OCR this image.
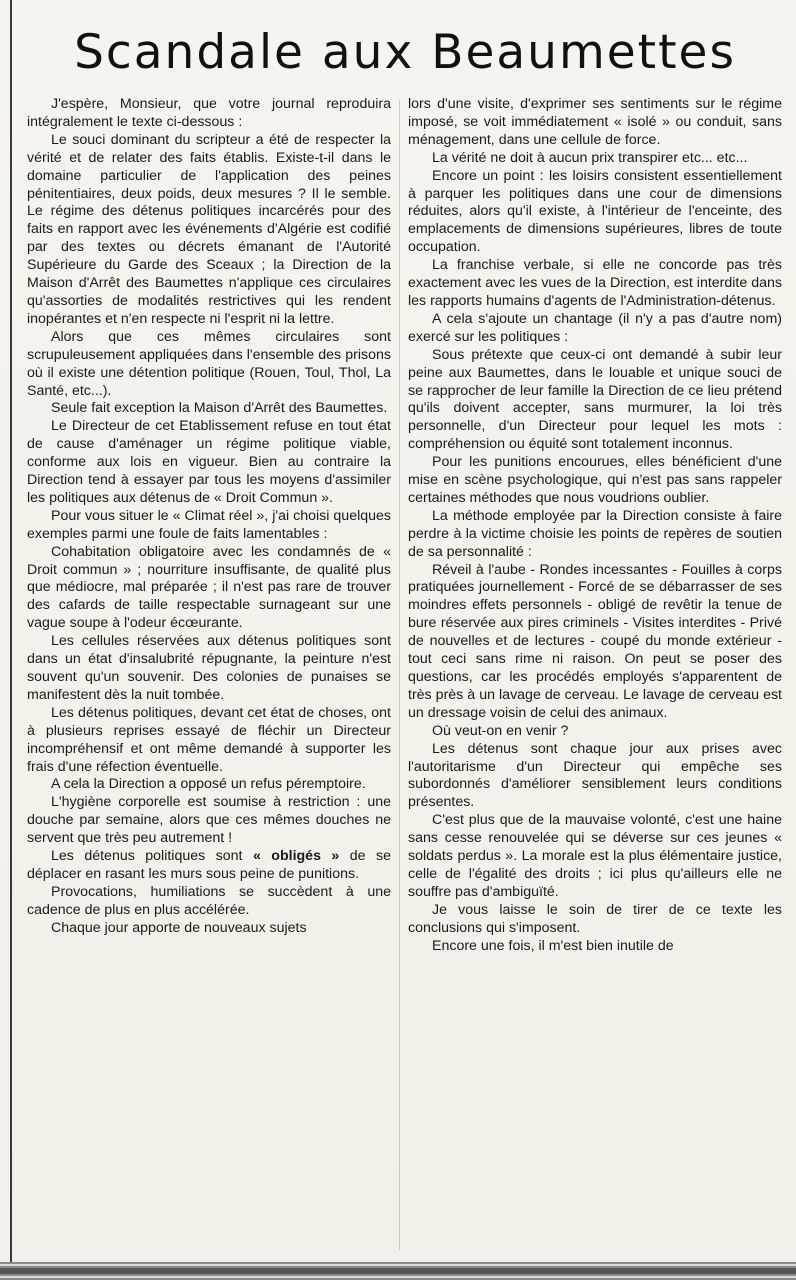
Scandale aux Beaumettes

J'espère, Monsieur, que votre journal reproduira intégralement le texte ci-dessous :

Le souci dominant du scripteur a été de respecter la vérité et de relater des faits établis. Existe-t-il dans le domaine particulier de l'application des peines pénitentiaires, deux poids, deux mesures ? Il le semble. Le régime des détenus politiques incarcérés pour des faits en rapport avec les événements d'Algérie est codifié par des textes ou décrets émanant de l'Autorité Supérieure du Garde des Sceaux ; la Direction de la Maison d'Arrêt des Baumettes n'applique ces circulaires qu'assorties de modalités restrictives qui les rendent inopérantes et n'en respecte ni l'esprit ni la lettre.

Alors que ces mêmes circulaires sont scrupuleusement appliquées dans l'ensemble des prisons où il existe une détention politique (Rouen, Toul, Thol, La Santé, etc...).

Seule fait exception la Maison d'Arrêt des Baumettes.

Le Directeur de cet Etablissement refuse en tout état de cause d'aménager un régime politique viable, conforme aux lois en vigueur. Bien au contraire la Direction tend à essayer par tous les moyens d'assimiler les politiques aux détenus de « Droit Commun ».

Pour vous situer le « Climat réel », j'ai choisi quelques exemples parmi une foule de faits lamentables :

Cohabitation obligatoire avec les condamnés de « Droit commun » ; nourriture insuffisante, de qualité plus que médiocre, mal préparée ; il n'est pas rare de trouver des cafards de taille respectable surnageant sur une vague soupe à l'odeur écœurante.

Les cellules réservées aux détenus politiques sont dans un état d'insalubrité répugnante, la peinture n'est souvent qu'un souvenir. Des colonies de punaises se manifestent dès la nuit tombée.

Les détenus politiques, devant cet état de choses, ont à plusieurs reprises essayé de fléchir un Directeur incompréhensif et ont même demandé à supporter les frais d'une réfection éventuelle.

A cela la Direction a opposé un refus péremptoire.

L'hygiène corporelle est soumise à restriction : une douche par semaine, alors que ces mêmes douches ne servent que très peu autrement !

Les détenus politiques sont « obligés » de se déplacer en rasant les murs sous peine de punitions.

Provocations, humiliations se succèdent à une cadence de plus en plus accélérée.

Chaque jour apporte de nouveaux sujets

lors d'une visite, d'exprimer ses sentiments sur le régime imposé, se voit immédiatement « isolé » ou conduit, sans ménagement, dans une cellule de force.

La vérité ne doit à aucun prix transpirer etc... etc...

Encore un point : les loisirs consistent essentiellement à parquer les politiques dans une cour de dimensions réduites, alors qu'il existe, à l'intérieur de l'enceinte, des emplacements de dimensions supérieures, libres de toute occupation.

La franchise verbale, si elle ne concorde pas très exactement avec les vues de la Direction, est interdite dans les rapports humains d'agents de l'Administration-détenus.

A cela s'ajoute un chantage (il n'y a pas d'autre nom) exercé sur les politiques :

Sous prétexte que ceux-ci ont demandé à subir leur peine aux Baumettes, dans le louable et unique souci de se rapprocher de leur famille la Direction de ce lieu prétend qu'ils doivent accepter, sans murmurer, la loi très personnelle, d'un Directeur pour lequel les mots : compréhension ou équité sont totalement inconnus.

Pour les punitions encourues, elles bénéficient d'une mise en scène psychologique, qui n'est pas sans rappeler certaines méthodes que nous voudrions oublier.

La méthode employée par la Direction consiste à faire perdre à la victime choisie les points de repères de soutien de sa personnalité :

Réveil à l'aube - Rondes incessantes - Fouilles à corps pratiquées journellement - Forcé de se débarrasser de ses moindres effets personnels - obligé de revêtir la tenue de bure réservée aux pires criminels - Visites interdites - Privé de nouvelles et de lectures - coupé du monde extérieur - tout ceci sans rime ni raison. On peut se poser des questions, car les procédés employés s'apparentent de très près à un lavage de cerveau. Le lavage de cerveau est un dressage voisin de celui des animaux.

Où veut-on en venir ?

Les détenus sont chaque jour aux prises avec l'autoritarisme d'un Directeur qui empêche ses subordonnés d'améliorer sensiblement leurs conditions présentes.

C'est plus que de la mauvaise volonté, c'est une haine sans cesse renouvelée qui se déverse sur ces jeunes « soldats perdus ». La morale est la plus élémentaire justice, celle de l'égalité des droits ; ici plus qu'ailleurs elle ne souffre pas d'ambiguïté.

Je vous laisse le soin de tirer de ce texte les conclusions qui s'imposent.

Encore une fois, il m'est bien inutile de
